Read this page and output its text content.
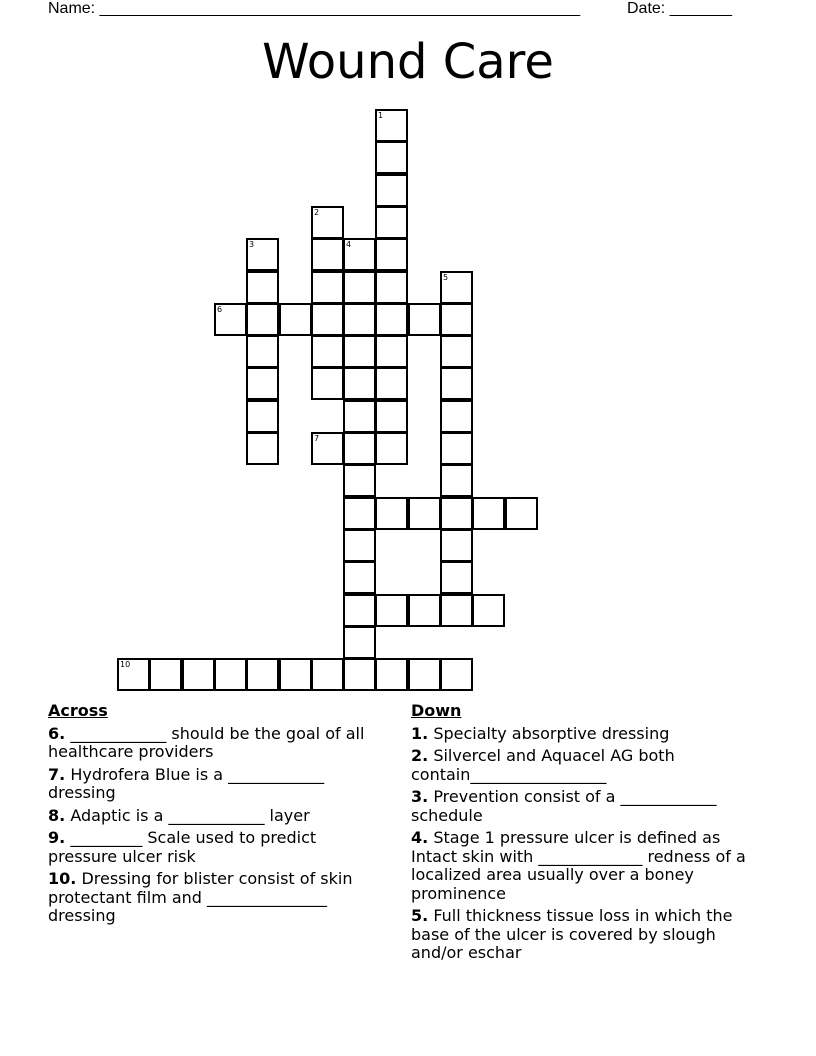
Name: ______________________________________________________	Date: _______
Wound Care
1
2
3	4
5
6
7
10
Across
6. ____________ should be the goal of all healthcare providers
7. Hydrofera Blue is a ____________ dressing
8. Adaptic is a ____________ layer
9. _________ Scale used to predict pressure ulcer risk
10. Dressing for blister consist of skin protectant film and _______________ dressing
Down
1. Specialty absorptive dressing
2. Silvercel and Aquacel AG both contain_________________
3. Prevention consist of a ____________ schedule
4. Stage 1 pressure ulcer is defined as Intact skin with _____________ redness of a localized area usually over a boney prominence
5. Full thickness tissue loss in which the base of the ulcer is covered by slough and/or eschar
